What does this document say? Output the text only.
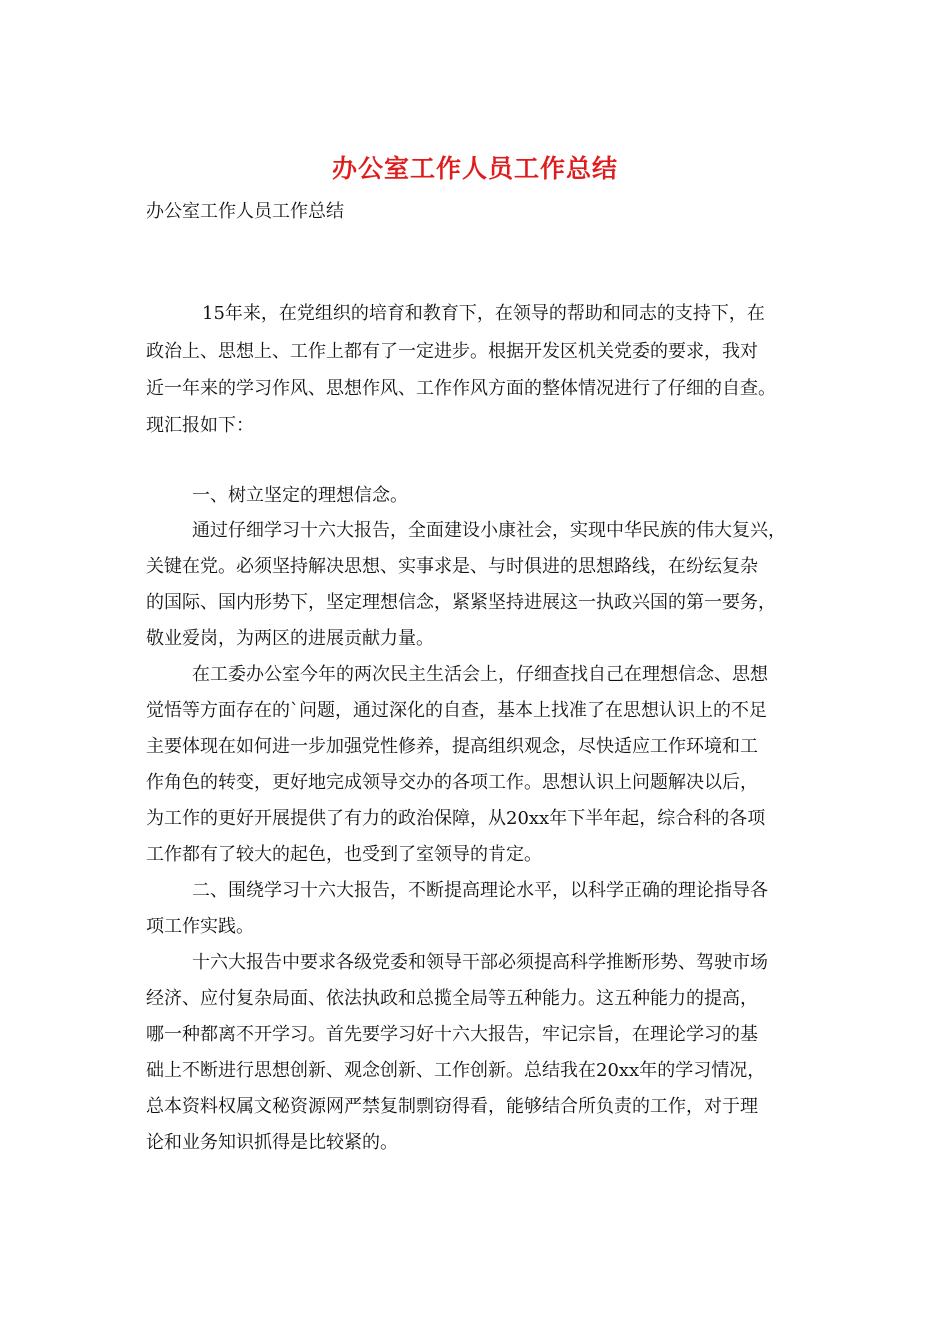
办公室工作人员工作总结
办公室工作人员工作总结
15年来，在党组织的培育和教育下，在领导的帮助和同志的支持下，在
政治上、思想上、工作上都有了一定进步。根据开发区机关党委的要求，我对
近一年来的学习作风、思想作风、工作作风方面的整体情况进行了仔细的自查。
现汇报如下：
一、树立坚定的理想信念。
通过仔细学习十六大报告，全面建设小康社会，实现中华民族的伟大复兴，
关键在党。必须坚持解决思想、实事求是、与时俱进的思想路线，在纷纭复杂
的国际、国内形势下，坚定理想信念，紧紧坚持进展这一执政兴国的第一要务，
敬业爱岗，为两区的进展贡献力量。
在工委办公室今年的两次民主生活会上，仔细查找自己在理想信念、思想
觉悟等方面存在的`问题，通过深化的自查，基本上找准了在思想认识上的不足
主要体现在如何进一步加强党性修养，提高组织观念，尽快适应工作环境和工
作角色的转变，更好地完成领导交办的各项工作。思想认识上问题解决以后，
为工作的更好开展提供了有力的政治保障，从20xx年下半年起，综合科的各项
工作都有了较大的起色，也受到了室领导的肯定。
二、围绕学习十六大报告，不断提高理论水平，以科学正确的理论指导各
项工作实践。
十六大报告中要求各级党委和领导干部必须提高科学推断形势、驾驶市场
经济、应付复杂局面、依法执政和总揽全局等五种能力。这五种能力的提高，
哪一种都离不开学习。首先要学习好十六大报告，牢记宗旨，在理论学习的基
础上不断进行思想创新、观念创新、工作创新。总结我在20xx年的学习情况，
总本资料权属文秘资源网严禁复制剽窃得看，能够结合所负责的工作，对于理
论和业务知识抓得是比较紧的。
